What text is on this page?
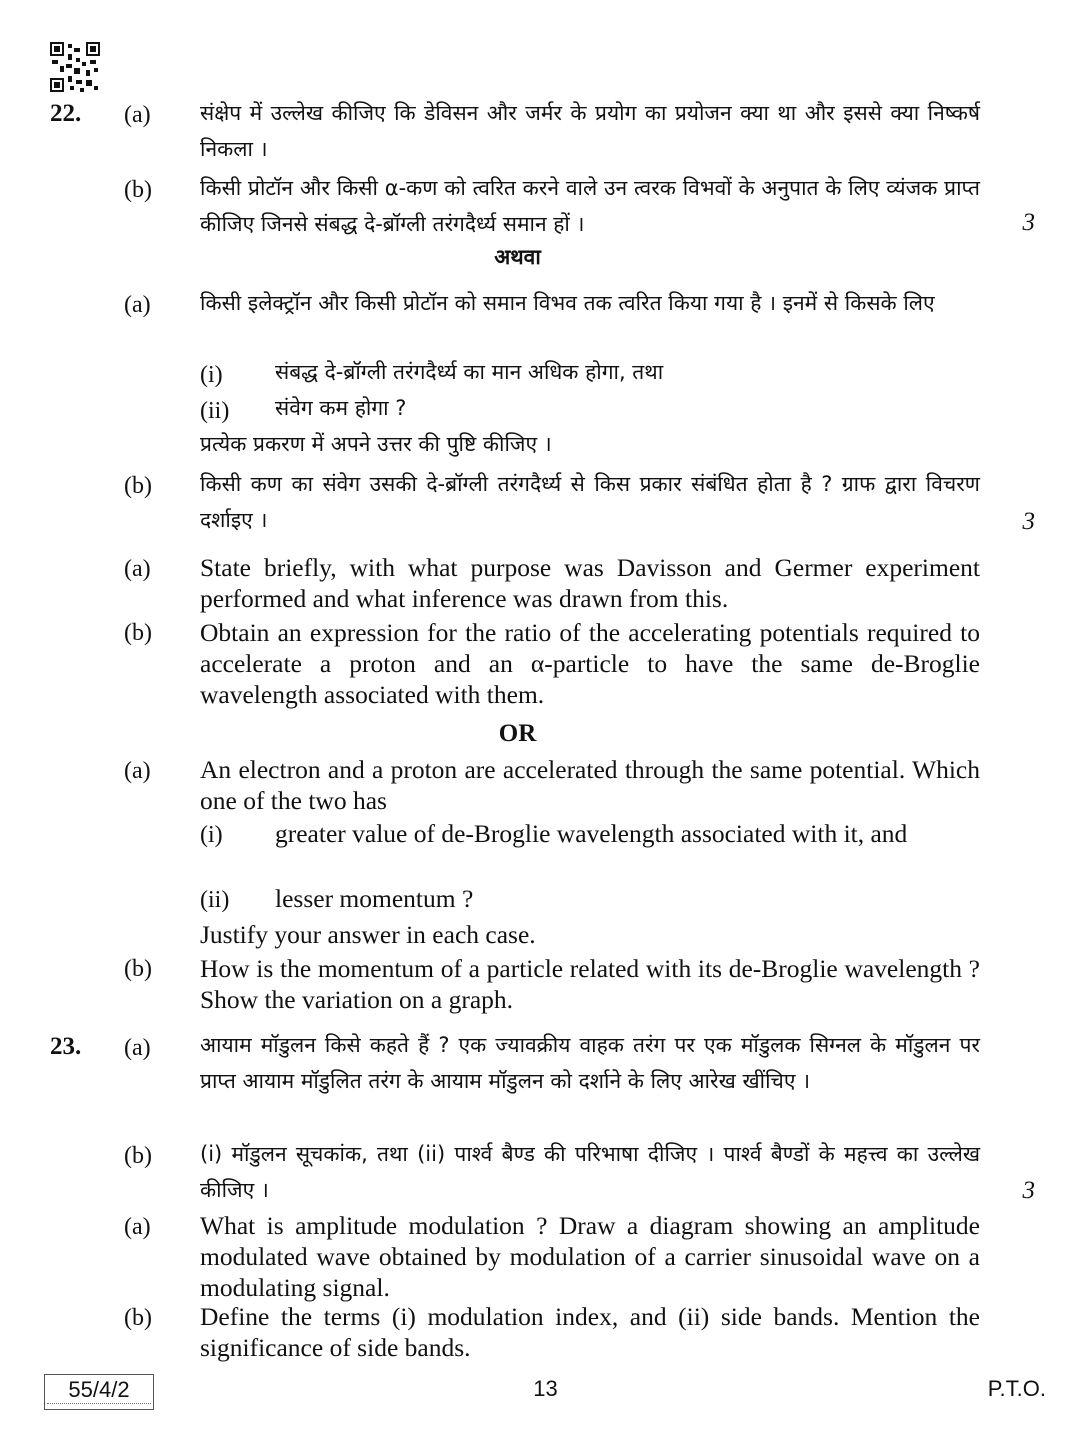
22. (a) संक्षेप में उल्लेख कीजिए कि डेविसन और जर्मर के प्रयोग का प्रयोजन क्या था और इससे क्या निष्कर्ष निकला ।
(b) किसी प्रोटॉन और किसी α-कण को त्वरित करने वाले उन त्वरक विभवों के अनुपात के लिए व्यंजक प्राप्त कीजिए जिनसे संबद्ध दे-ब्रॉग्ली तरंगदैर्ध्य समान हों ।	3
अथवा
(a) किसी इलेक्ट्रॉन और किसी प्रोटॉन को समान विभव तक त्वरित किया गया है । इनमें से किसके लिए
(i) संबद्ध दे-ब्रॉग्ली तरंगदैर्ध्य का मान अधिक होगा, तथा
(ii) संवेग कम होगा ?
प्रत्येक प्रकरण में अपने उत्तर की पुष्टि कीजिए ।
(b) किसी कण का संवेग उसकी दे-ब्रॉग्ली तरंगदैर्ध्य से किस प्रकार संबंधित होता है ? ग्राफ द्वारा विचरण दर्शाइए ।	3
(a) State briefly, with what purpose was Davisson and Germer experiment performed and what inference was drawn from this.
(b) Obtain an expression for the ratio of the accelerating potentials required to accelerate a proton and an α-particle to have the same de-Broglie wavelength associated with them.
OR
(a) An electron and a proton are accelerated through the same potential. Which one of the two has
(i) greater value of de-Broglie wavelength associated with it, and
(ii) lesser momentum ?
Justify your answer in each case.
(b) How is the momentum of a particle related with its de-Broglie wavelength ? Show the variation on a graph.
23. (a) आयाम मॉडुलन किसे कहते हैं ? एक ज्यावक्रीय वाहक तरंग पर एक मॉडुलक सिग्नल के मॉडुलन पर प्राप्त आयाम मॉडुलित तरंग के आयाम मॉडुलन को दर्शाने के लिए आरेख खींचिए ।
(b) (i) मॉडुलन सूचकांक, तथा (ii) पार्श्व बैण्ड की परिभाषा दीजिए । पार्श्व बैण्डों के महत्त्व का उल्लेख कीजिए ।	3
(a) What is amplitude modulation ? Draw a diagram showing an amplitude modulated wave obtained by modulation of a carrier sinusoidal wave on a modulating signal.
(b) Define the terms (i) modulation index, and (ii) side bands. Mention the significance of side bands.
55/4/2	13	P.T.O.
